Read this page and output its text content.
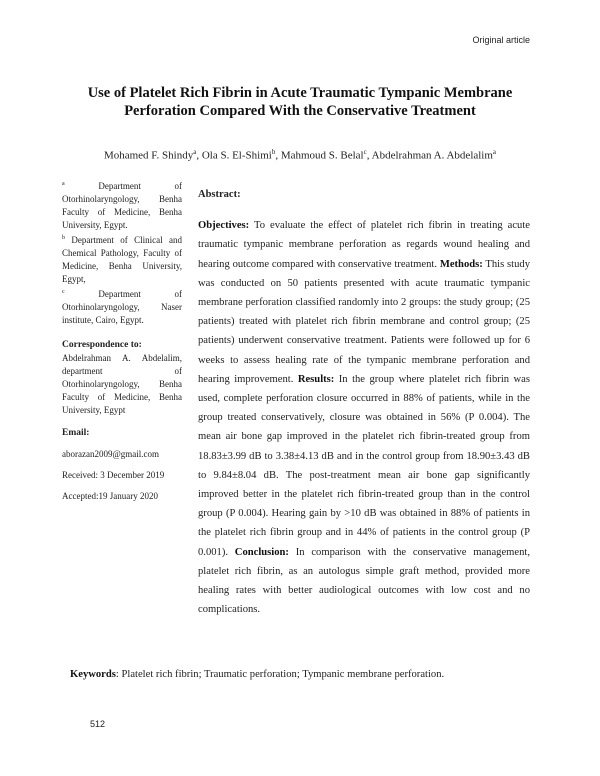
Original article
Use of Platelet Rich Fibrin in Acute Traumatic Tympanic Membrane Perforation Compared With the Conservative Treatment
Mohamed F. Shindy$^a$, Ola S. El-Shimi$^b$, Mahmoud S. Belal$^c$, Abdelrahman A. Abdelalim$^a$
$^a$	Department of Otorhinolaryngology, Benha Faculty of Medicine, Benha University, Egypt.
$^b$ Department of Clinical and Chemical Pathology, Faculty of Medicine, Benha University, Egypt,
$^c$	Department of Otorhinolaryngology, Naser institute, Cairo, Egypt.
Correspondence to:
Abdelrahman A. Abdelalim, department of Otorhinolaryngology, Benha Faculty of Medicine, Benha University, Egypt
Email:
aborazan2009@gmail.com
Received: 3 December 2019
Accepted:19 January 2020
Abstract:
Objectives: To evaluate the effect of platelet rich fibrin in treating acute traumatic tympanic membrane perforation as regards wound healing and hearing outcome compared with conservative treatment. Methods: This study was conducted on 50 patients presented with acute traumatic tympanic membrane perforation classified randomly into 2 groups: the study group; (25 patients) treated with platelet rich fibrin membrane and control group; (25 patients) underwent conservative treatment. Patients were followed up for 6 weeks to assess healing rate of the tympanic membrane perforation and hearing improvement. Results: In the group where platelet rich fibrin was used, complete perforation closure occurred in 88% of patients, while in the group treated conservatively, closure was obtained in 56% (P 0.004). The mean air bone gap improved in the platelet rich fibrin-treated group from 18.83±3.99 dB to 3.38±4.13 dB and in the control group from 18.90±3.43 dB to 9.84±8.04 dB. The post-treatment mean air bone gap significantly improved better in the platelet rich fibrin-treated group than in the control group (P 0.004). Hearing gain by >10 dB was obtained in 88% of patients in the platelet rich fibrin group and in 44% of patients in the control group (P 0.001). Conclusion: In comparison with the conservative management, platelet rich fibrin, as an autologus simple graft method, provided more healing rates with better audiological outcomes with low cost and no complications.
Keywords: Platelet rich fibrin; Traumatic perforation; Tympanic membrane perforation.
512
